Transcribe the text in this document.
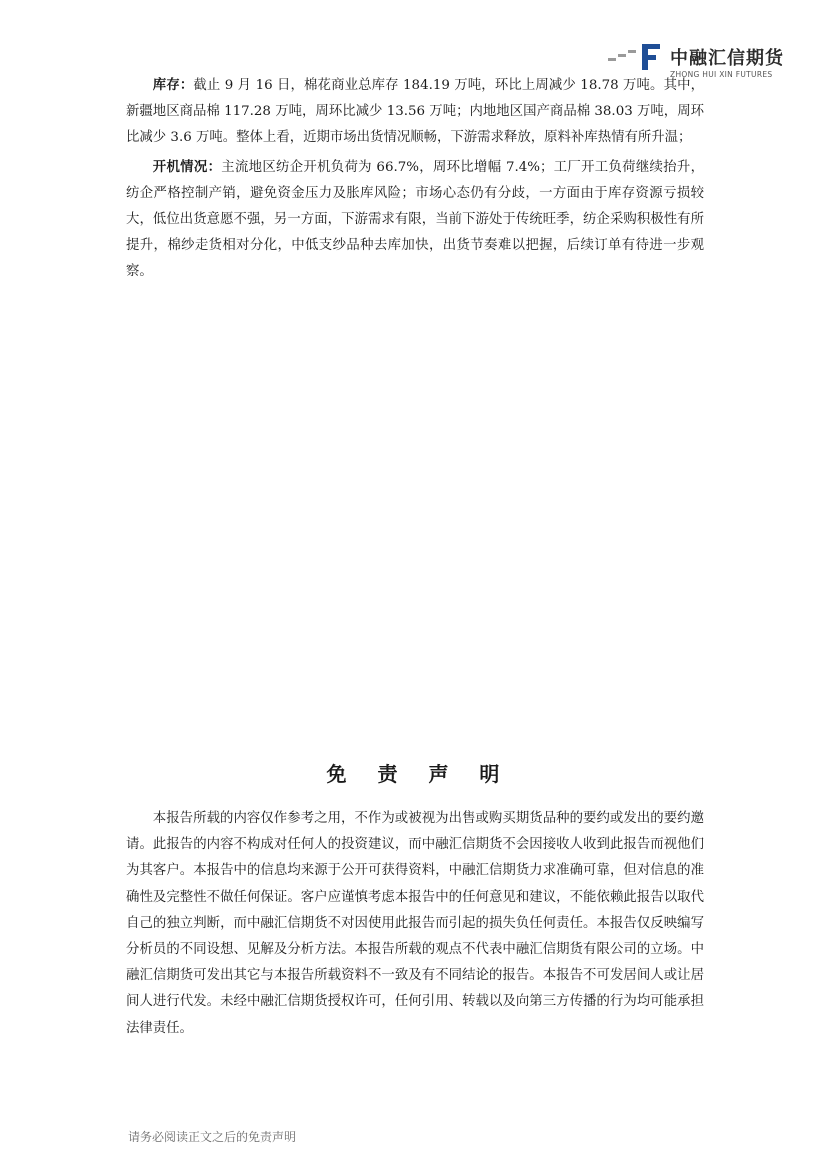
中融汇信期货
ZHONG HUI XIN FUTURES

库存：截止 9 月 16 日，棉花商业总库存 184.19 万吨，环比上周减少 18.78 万吨。其中，新疆地区商品棉 117.28 万吨，周环比减少 13.56 万吨；内地地区国产商品棉 38.03 万吨，周环比减少 3.6 万吨。整体上看，近期市场出货情况顺畅，下游需求释放，原料补库热情有所升温；

开机情况：主流地区纺企开机负荷为 66.7%，周环比增幅 7.4%；工厂开工负荷继续抬升，纺企严格控制产销，避免资金压力及胀库风险；市场心态仍有分歧，一方面由于库存资源亏损较大，低位出货意愿不强，另一方面，下游需求有限，当前下游处于传统旺季，纺企采购积极性有所提升，棉纱走货相对分化，中低支纱品种去库加快，出货节奏难以把握，后续订单有待进一步观察。

免 责 声 明

本报告所载的内容仅作参考之用，不作为或被视为出售或购买期货品种的要约或发出的要约邀请。此报告的内容不构成对任何人的投资建议，而中融汇信期货不会因接收人收到此报告而视他们为其客户。本报告中的信息均来源于公开可获得资料，中融汇信期货力求准确可靠，但对信息的准确性及完整性不做任何保证。客户应谨慎考虑本报告中的任何意见和建议，不能依赖此报告以取代自己的独立判断，而中融汇信期货不对因使用此报告而引起的损失负任何责任。本报告仅反映编写分析员的不同设想、见解及分析方法。本报告所载的观点不代表中融汇信期货有限公司的立场。中融汇信期货可发出其它与本报告所载资料不一致及有不同结论的报告。本报告不可发居间人或让居间人进行代发。未经中融汇信期货授权许可，任何引用、转载以及向第三方传播的行为均可能承担法律责任。

请务必阅读正文之后的免责声明
